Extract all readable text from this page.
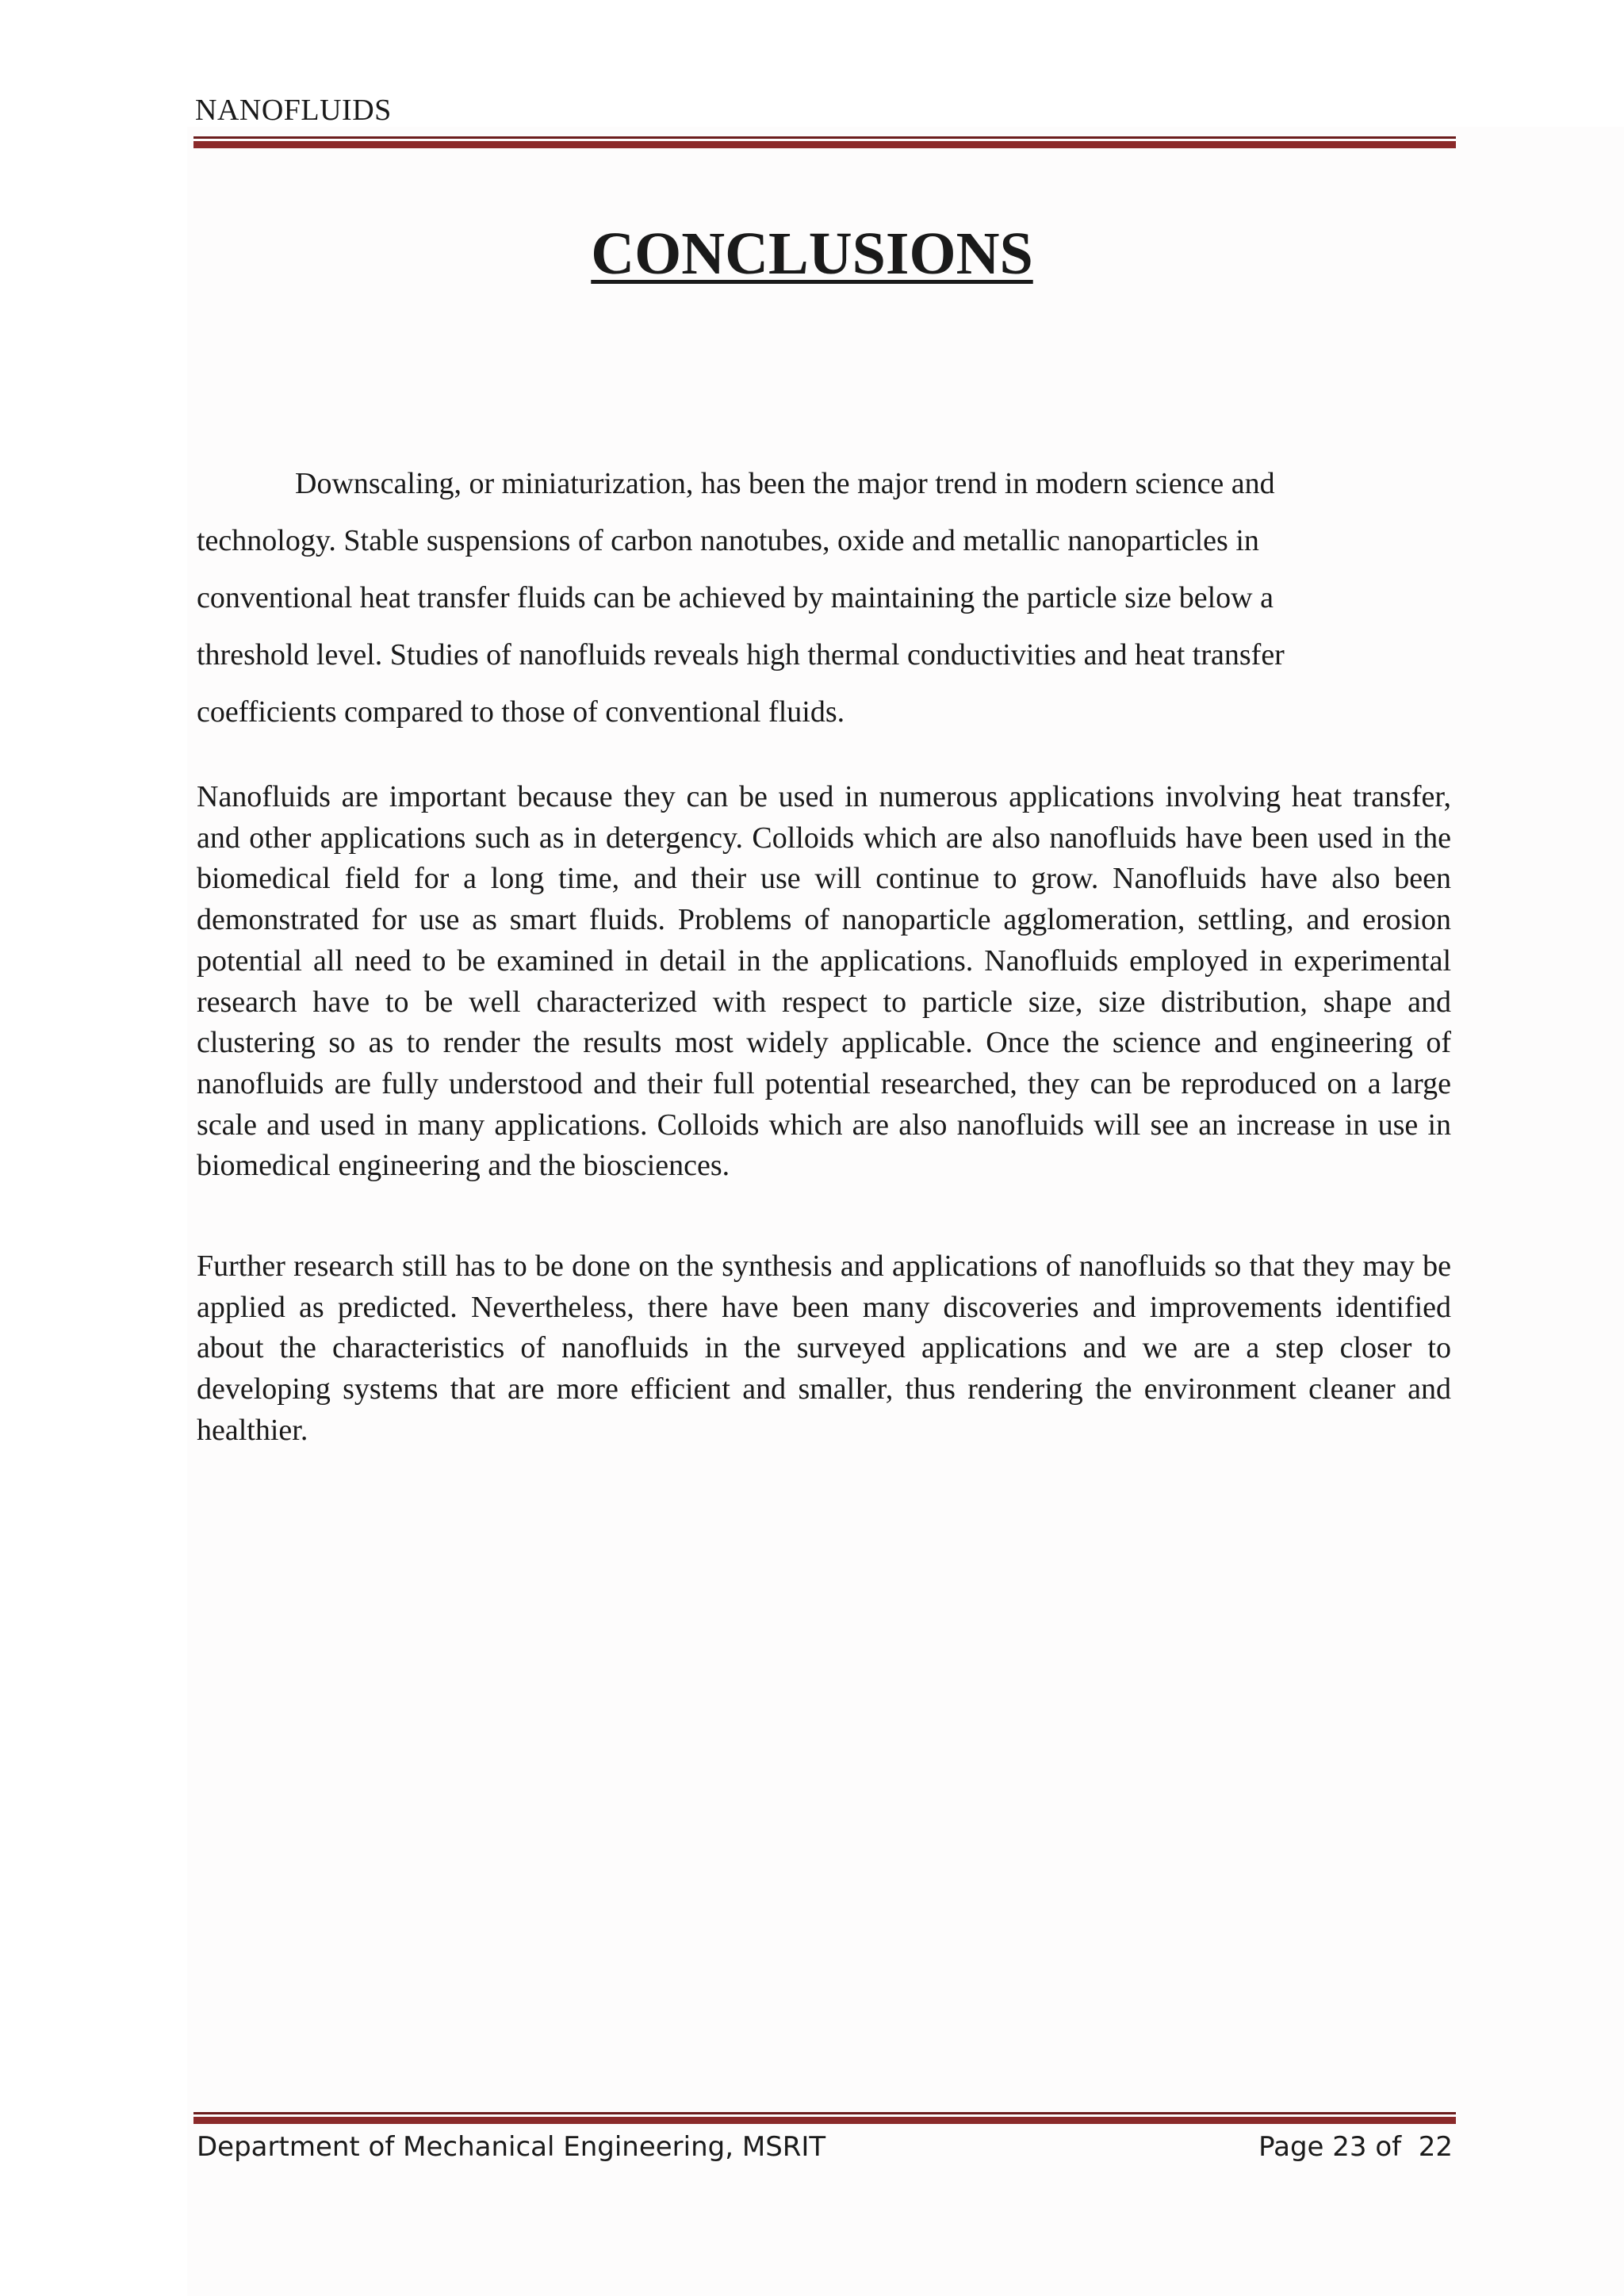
NANOFLUIDS
CONCLUSIONS

Downscaling, or miniaturization, has been the major trend in modern science and
technology. Stable suspensions of carbon nanotubes, oxide and metallic nanoparticles in
conventional heat transfer fluids can be achieved by maintaining the particle size below a
threshold level. Studies of nanofluids reveals high thermal conductivities and heat transfer
coefficients compared to those of conventional fluids.

Nanofluids are important because they can be used in numerous applications involving heat transfer, and other applications such as in detergency. Colloids which are also nanofluids have been used in the biomedical field for a long time, and their use will continue to grow. Nanofluids have also been demonstrated for use as smart fluids. Problems of nanoparticle agglomeration, settling, and erosion potential all need to be examined in detail in the applications. Nanofluids employed in experimental research have to be well characterized with respect to particle size, size distribution, shape and clustering so as to render the results most widely applicable. Once the science and engineering of nanofluids are fully understood and their full potential researched, they can be reproduced on a large scale and used in many applications. Colloids which are also nanofluids will see an increase in use in biomedical engineering and the biosciences.

Further research still has to be done on the synthesis and applications of nanofluids so that they may be applied as predicted. Nevertheless, there have been many discoveries and improvements identified about the characteristics of nanofluids in the surveyed applications and we are a step closer to developing systems that are more efficient and smaller, thus rendering the environment cleaner and healthier.

Department of Mechanical Engineering, MSRIT	Page 23 of  22
